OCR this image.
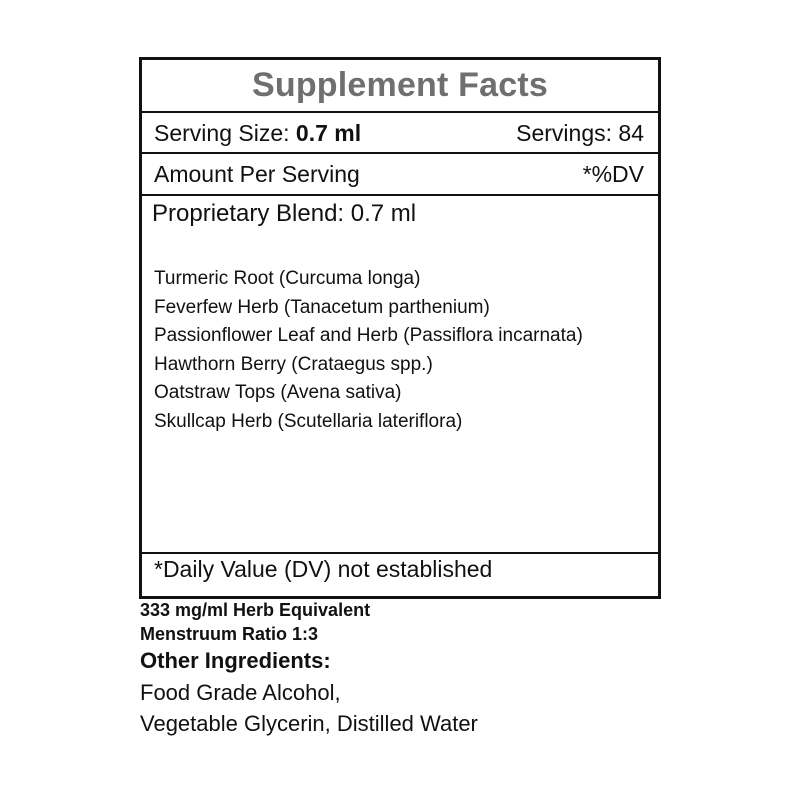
Supplement Facts
Serving Size: 0.7 ml	Servings: 84
Amount Per Serving	*%DV
Proprietary Blend: 0.7 ml
Turmeric Root (Curcuma longa)
Feverfew Herb (Tanacetum parthenium)
Passionflower Leaf and Herb (Passiflora incarnata)
Hawthorn Berry (Crataegus spp.)
Oatstraw Tops (Avena sativa)
Skullcap Herb (Scutellaria lateriflora)
*Daily Value (DV) not established
333 mg/ml Herb Equivalent
Menstruum Ratio 1:3
Other Ingredients:
Food Grade Alcohol,
Vegetable Glycerin, Distilled Water
